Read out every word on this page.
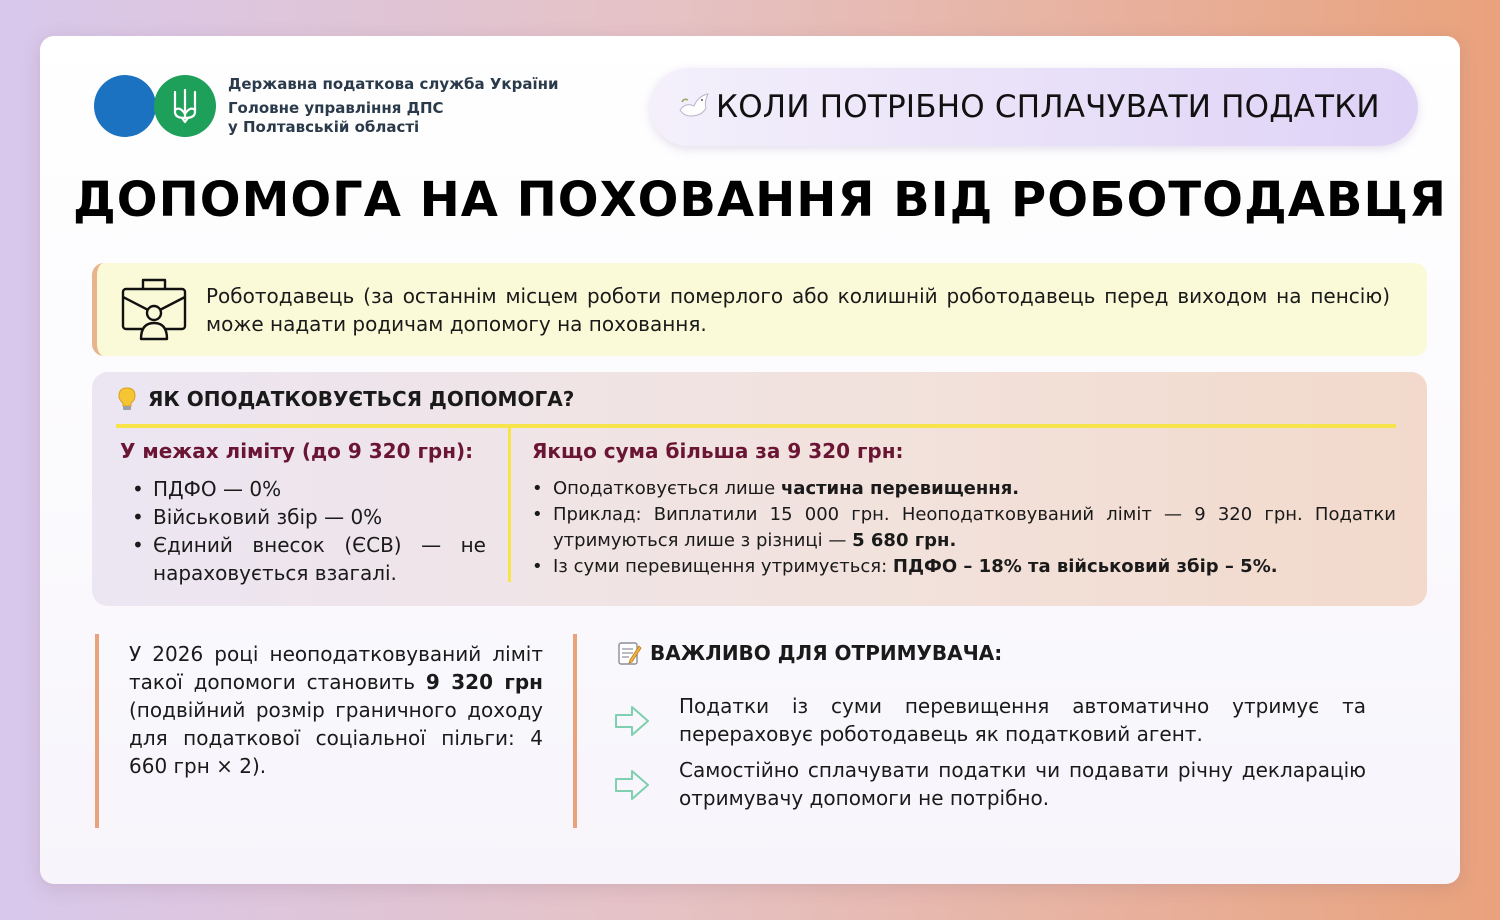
Державна податкова служба України
Головне управління ДПС
у Полтавській області
КОЛИ ПОТРІБНО СПЛАЧУВАТИ ПОДАТКИ
ДОПОМОГА НА ПОХОВАННЯ ВІД РОБОТОДАВЦЯ
Роботодавець (за останнім місцем роботи померлого або колишній роботодавець перед виходом на пенсію) може надати родичам допомогу на поховання.
ЯК ОПОДАТКОВУЄТЬСЯ ДОПОМОГА?
У межах ліміту (до 9 320 грн):
• ПДФО — 0%
• Військовий збір — 0%
• Єдиний внесок (ЄСВ) — не нараховується взагалі.
Якщо сума більша за 9 320 грн:
• Оподатковується лише частина перевищення.
• Приклад: Виплатили 15 000 грн. Неоподатковуваний ліміт — 9 320 грн. Податки утримуються лише з різниці — 5 680 грн.
• Із суми перевищення утримується: ПДФО – 18% та військовий збір – 5%.
У 2026 році неоподатковуваний ліміт такої допомоги становить 9 320 грн (подвійний розмір граничного доходу для податкової соціальної пільги: 4 660 грн × 2).
ВАЖЛИВО ДЛЯ ОТРИМУВАЧА:
Податки із суми перевищення автоматично утримує та перераховує роботодавець як податковий агент.
Самостійно сплачувати податки чи подавати річну декларацію отримувачу допомоги не потрібно.
